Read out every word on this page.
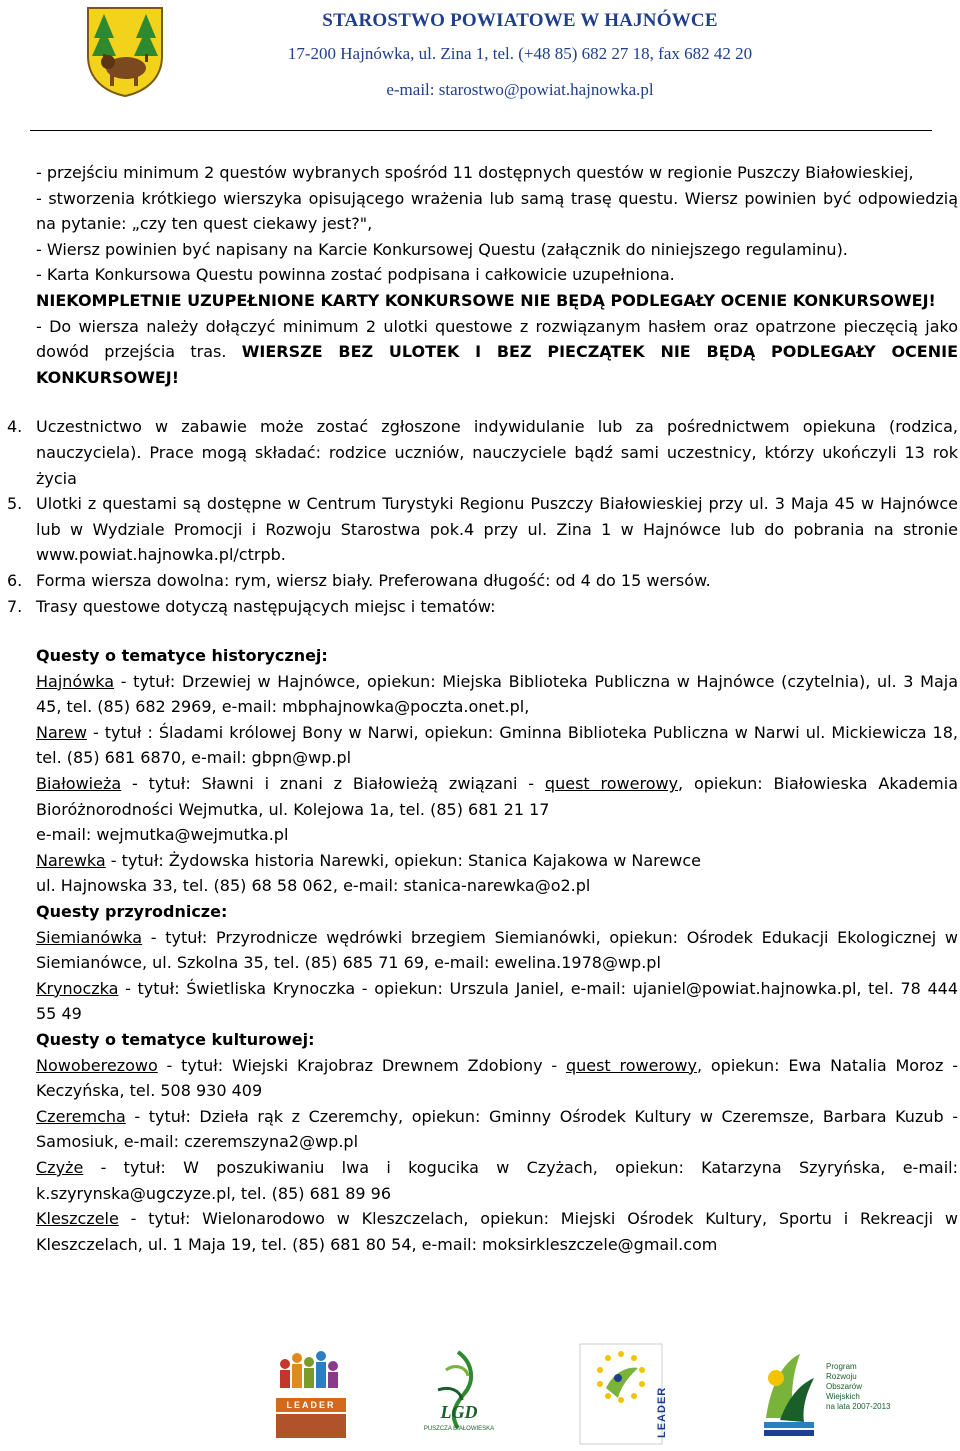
STAROSTWO POWIATOWE W HAJNÓWCE
17-200 Hajnówka, ul. Zina 1, tel. (+48 85) 682 27 18, fax 682 42 20
e-mail: starostwo@powiat.hajnowka.pl

- przejściu minimum 2 questów wybranych spośród 11 dostępnych questów w regionie Puszczy Białowieskiej,

- stworzenia krótkiego wierszyka opisującego wrażenia lub samą trasę questu. Wiersz powinien być odpowiedzią na pytanie: „czy ten quest ciekawy jest?",

- Wiersz powinien być napisany na Karcie Konkursowej Questu (załącznik do niniejszego regulaminu).

- Karta Konkursowa Questu powinna zostać podpisana i całkowicie uzupełniona.

NIEKOMPLETNIE UZUPEŁNIONE KARTY KONKURSOWE NIE BĘDĄ PODLEGAŁY OCENIE KONKURSOWEJ!

- Do wiersza należy dołączyć minimum 2 ulotki questowe z rozwiązanym hasłem oraz opatrzone pieczęcią jako dowód przejścia tras. WIERSZE BEZ ULOTEK I BEZ PIECZĄTEK NIE BĘDĄ PODLEGAŁY OCENIE KONKURSOWEJ!

4. Uczestnictwo w zabawie może zostać zgłoszone indywidulanie lub za pośrednictwem opiekuna (rodzica, nauczyciela). Prace mogą składać: rodzice uczniów, nauczyciele bądź sami uczestnicy, którzy ukończyli 13 rok życia

5. Ulotki z questami są dostępne w Centrum Turystyki Regionu Puszczy Białowieskiej przy ul. 3 Maja 45 w Hajnówce lub w Wydziale Promocji i Rozwoju Starostwa pok.4 przy ul. Zina 1 w Hajnówce lub do pobrania na stronie www.powiat.hajnowka.pl/ctrpb.

6. Forma wiersza dowolna: rym, wiersz biały. Preferowana długość: od 4 do 15 wersów.

7. Trasy questowe dotyczą następujących miejsc i tematów:

Questy o tematyce historycznej:

Hajnówka - tytuł: Drzewiej w Hajnówce, opiekun: Miejska Biblioteka Publiczna w Hajnówce (czytelnia), ul. 3 Maja 45, tel. (85) 682 2969, e-mail: mbphajnowka@poczta.onet.pl,

Narew - tytuł : Śladami królowej Bony w Narwi, opiekun: Gminna Biblioteka Publiczna w Narwi ul. Mickiewicza 18, tel. (85) 681 6870, e-mail: gbpn@wp.pl

Białowieża - tytuł: Sławni i znani z Białowieżą związani - quest rowerowy, opiekun: Białowieska Akademia Bioróżnorodności Wejmutka, ul. Kolejowa 1a, tel. (85) 681 21 17

e-mail: wejmutka@wejmutka.pl

Narewka - tytuł: Żydowska historia Narewki, opiekun: Stanica Kajakowa w Narewce

ul. Hajnowska 33, tel. (85) 68 58 062, e-mail: stanica-narewka@o2.pl

Questy przyrodnicze:

Siemianówka - tytuł: Przyrodnicze wędrówki brzegiem Siemianówki, opiekun: Ośrodek Edukacji Ekologicznej w Siemianówce, ul. Szkolna 35, tel. (85) 685 71 69, e-mail: ewelina.1978@wp.pl

Krynoczka - tytuł: Świetliska Krynoczka - opiekun: Urszula Janiel, e-mail: ujaniel@powiat.hajnowka.pl, tel. 78 444 55 49

Questy o tematyce kulturowej:

Nowoberezowo - tytuł: Wiejski Krajobraz Drewnem Zdobiony - quest rowerowy, opiekun: Ewa Natalia Moroz - Keczyńska, tel. 508 930 409

Czeremcha - tytuł: Dzieła rąk z Czeremchy, opiekun: Gminny Ośrodek Kultury w Czeremsze, Barbara Kuzub - Samosiuk, e-mail: czeremszyna2@wp.pl

Czyże - tytuł: W poszukiwaniu lwa i kogucika w Czyżach, opiekun: Katarzyna Szyryńska, e-mail: k.szyrynska@ugczyze.pl, tel. (85) 681 89 96

Kleszczele - tytuł: Wielonarodowo w Kleszczelach, opiekun: Miejski Ośrodek Kultury, Sportu i Rekreacji w Kleszczelach, ul. 1 Maja 19, tel. (85) 681 80 54, e-mail: moksirkleszczele@gmail.com

LEADER	LGD
PUSZCZA BIAŁOWIESKA	LEADER
Program
Rozwoju
Obszarów
Wiejskich
na lata 2007-2013
